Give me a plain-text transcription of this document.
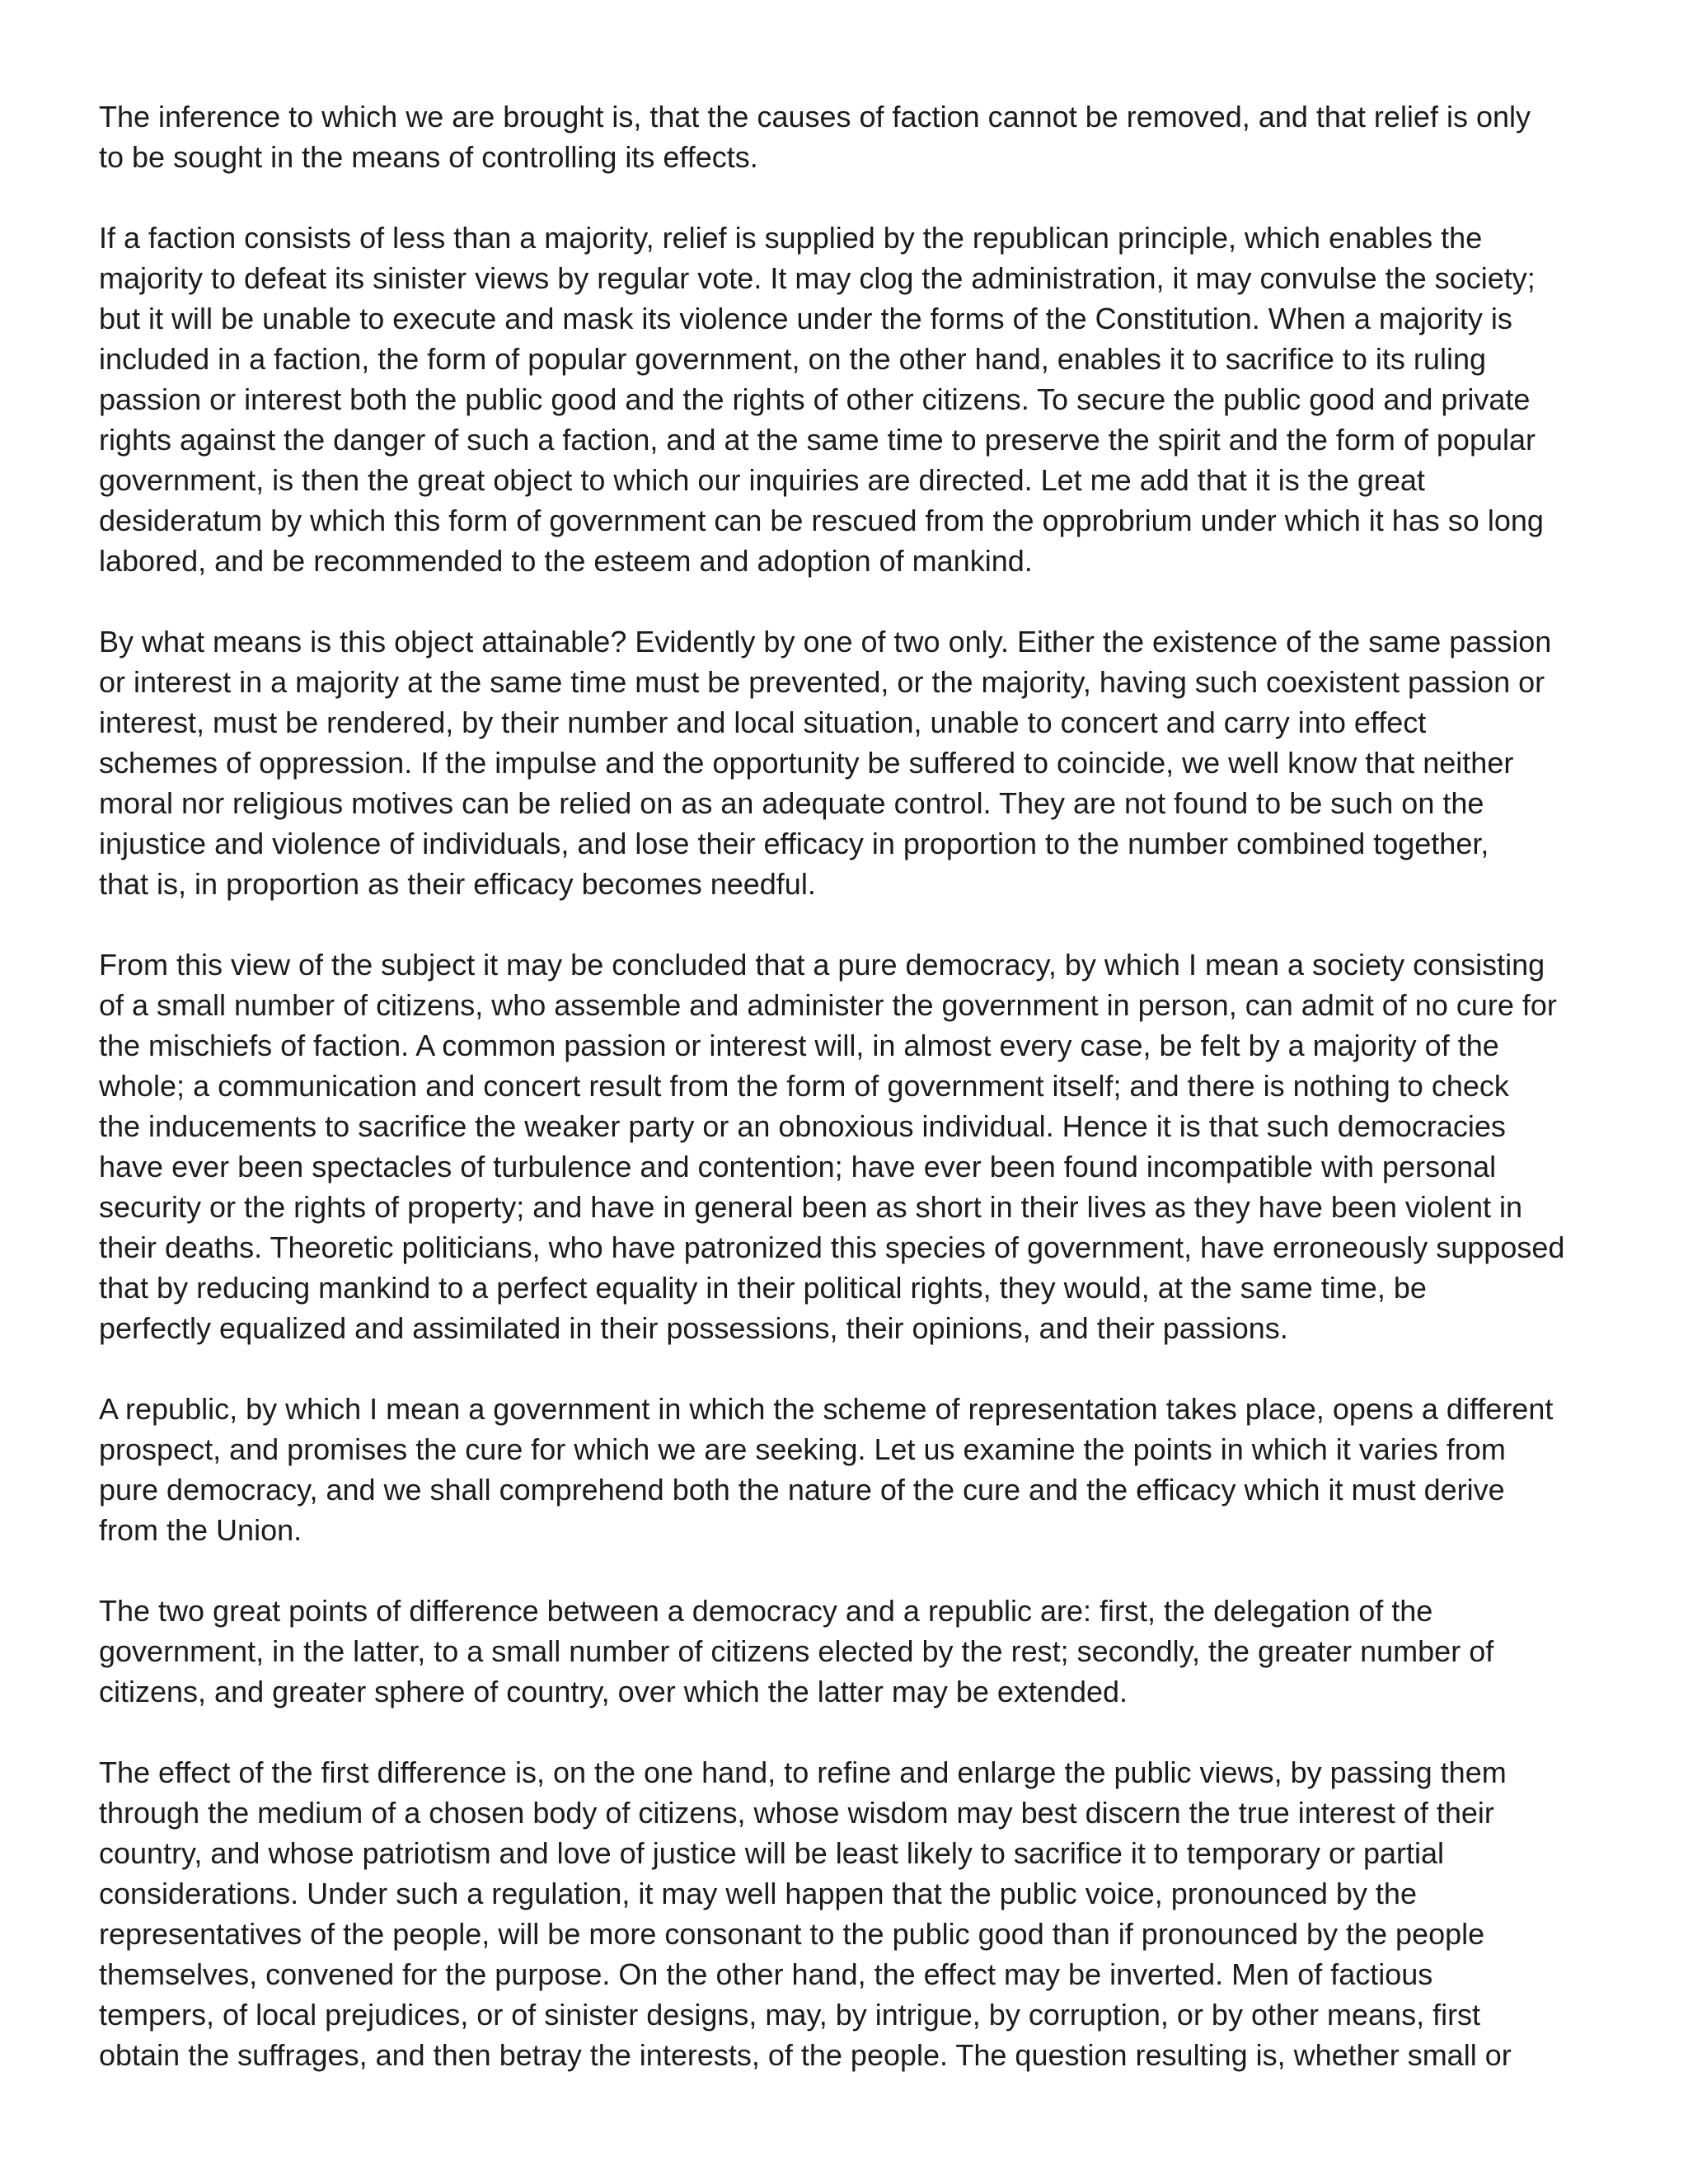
The inference to which we are brought is, that the causes of faction cannot be removed, and that relief is only
to be sought in the means of controlling its effects.

If a faction consists of less than a majority, relief is supplied by the republican principle, which enables the
majority to defeat its sinister views by regular vote. It may clog the administration, it may convulse the society;
but it will be unable to execute and mask its violence under the forms of the Constitution. When a majority is
included in a faction, the form of popular government, on the other hand, enables it to sacrifice to its ruling
passion or interest both the public good and the rights of other citizens. To secure the public good and private
rights against the danger of such a faction, and at the same time to preserve the spirit and the form of popular
government, is then the great object to which our inquiries are directed. Let me add that it is the great
desideratum by which this form of government can be rescued from the opprobrium under which it has so long
labored, and be recommended to the esteem and adoption of mankind.

By what means is this object attainable? Evidently by one of two only. Either the existence of the same passion
or interest in a majority at the same time must be prevented, or the majority, having such coexistent passion or
interest, must be rendered, by their number and local situation, unable to concert and carry into effect
schemes of oppression. If the impulse and the opportunity be suffered to coincide, we well know that neither
moral nor religious motives can be relied on as an adequate control. They are not found to be such on the
injustice and violence of individuals, and lose their efficacy in proportion to the number combined together,
that is, in proportion as their efficacy becomes needful.

From this view of the subject it may be concluded that a pure democracy, by which I mean a society consisting
of a small number of citizens, who assemble and administer the government in person, can admit of no cure for
the mischiefs of faction. A common passion or interest will, in almost every case, be felt by a majority of the
whole; a communication and concert result from the form of government itself; and there is nothing to check
the inducements to sacrifice the weaker party or an obnoxious individual. Hence it is that such democracies
have ever been spectacles of turbulence and contention; have ever been found incompatible with personal
security or the rights of property; and have in general been as short in their lives as they have been violent in
their deaths. Theoretic politicians, who have patronized this species of government, have erroneously supposed
that by reducing mankind to a perfect equality in their political rights, they would, at the same time, be
perfectly equalized and assimilated in their possessions, their opinions, and their passions.

A republic, by which I mean a government in which the scheme of representation takes place, opens a different
prospect, and promises the cure for which we are seeking. Let us examine the points in which it varies from
pure democracy, and we shall comprehend both the nature of the cure and the efficacy which it must derive
from the Union.

The two great points of difference between a democracy and a republic are: first, the delegation of the
government, in the latter, to a small number of citizens elected by the rest; secondly, the greater number of
citizens, and greater sphere of country, over which the latter may be extended.

The effect of the first difference is, on the one hand, to refine and enlarge the public views, by passing them
through the medium of a chosen body of citizens, whose wisdom may best discern the true interest of their
country, and whose patriotism and love of justice will be least likely to sacrifice it to temporary or partial
considerations. Under such a regulation, it may well happen that the public voice, pronounced by the
representatives of the people, will be more consonant to the public good than if pronounced by the people
themselves, convened for the purpose. On the other hand, the effect may be inverted. Men of factious
tempers, of local prejudices, or of sinister designs, may, by intrigue, by corruption, or by other means, first
obtain the suffrages, and then betray the interests, of the people. The question resulting is, whether small or
